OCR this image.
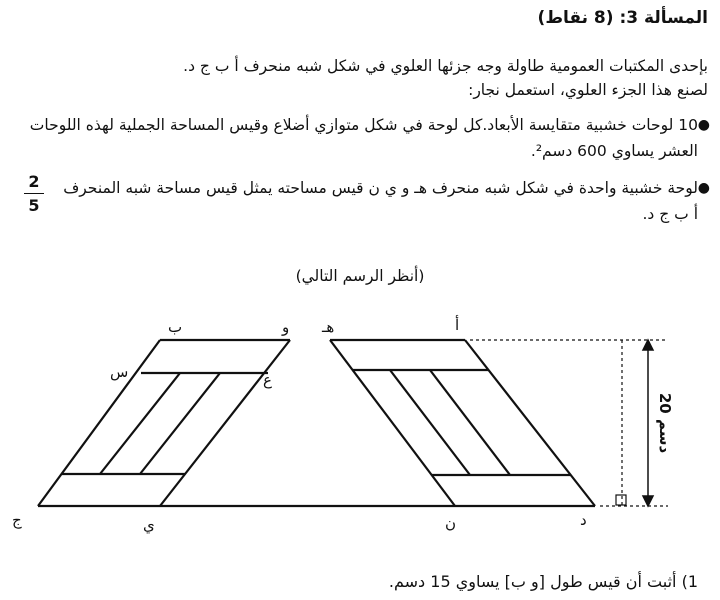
المسألة 3: (8 نقاط)
بإحدى المكتبات العمومية طاولة وجه جزئها العلوي في شكل شبه منحرف أ ب ج د.
لصنع هذا الجزء العلوي، استعمل نجار:
●
10 لوحات خشبية متقايسة الأبعاد.كل لوحة في شكل متوازي أضلاع وقيس المساحة الجملية لهذه اللوحات العشر يساوي 600 دسم².
●
لوحة خشبية واحدة في شكل شبه منحرف هـ و ي ن قيس مساحته يمثل قيس مساحة شبه المنحرف أ ب ج د.
2
5
(أنظر الرسم التالي)
20 دسم
ب	و هـ	أ
س	ع
ج	ي	ن	د
1) أثبت أن قيس طول [و ب] يساوي 15 دسم.
